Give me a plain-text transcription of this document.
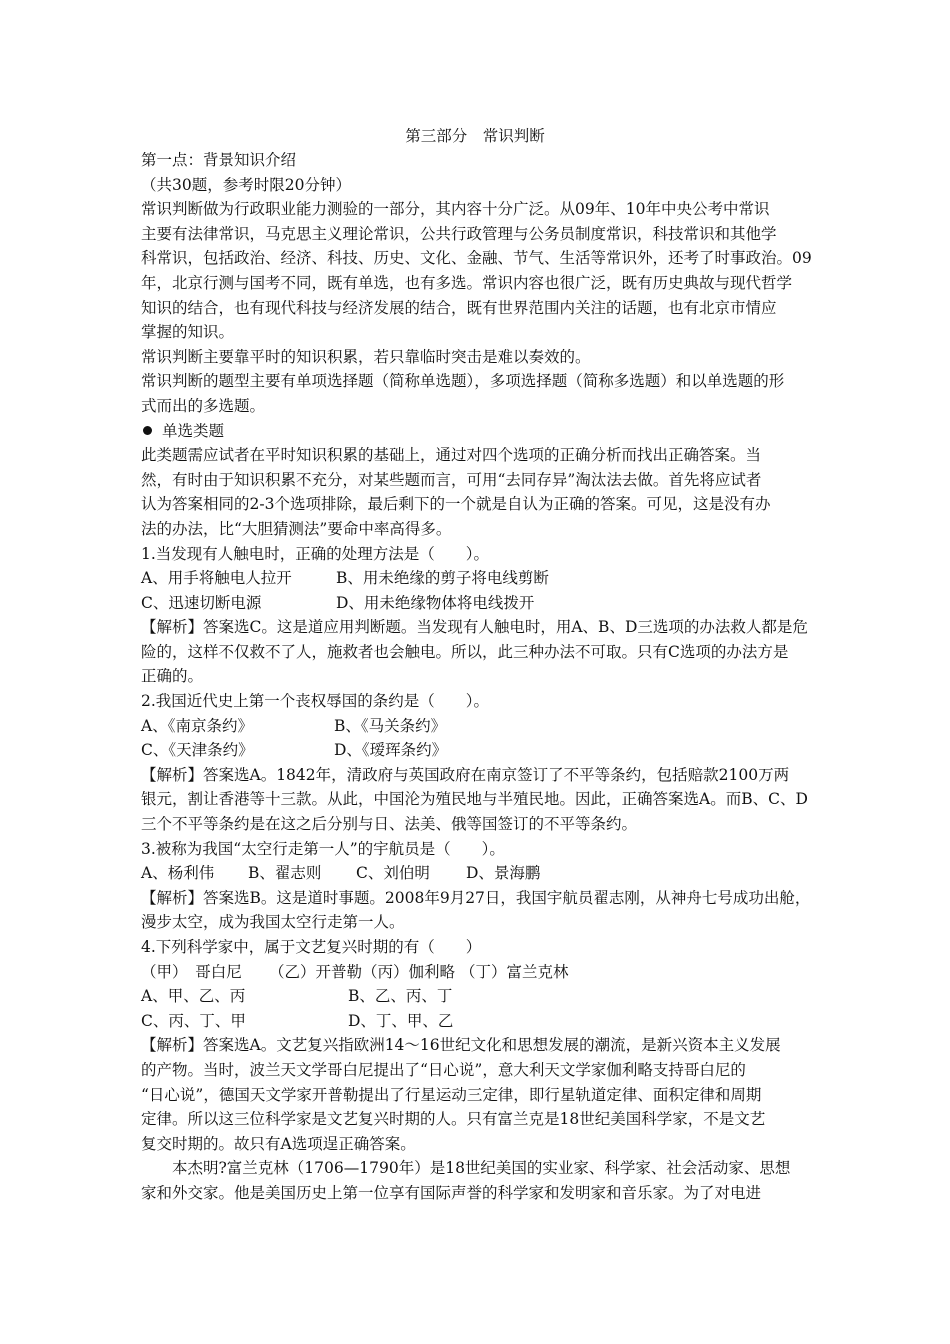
第三部分　常识判断
第一点：背景知识介绍
（共30题，参考时限20分钟）
常识判断做为行政职业能力测验的一部分，其内容十分广泛。从09年、10年中央公考中常识
主要有法律常识，马克思主义理论常识，公共行政管理与公务员制度常识，科技常识和其他学
科常识，包括政治、经济、科技、历史、文化、金融、节气、生活等常识外，还考了时事政治。09
年，北京行测与国考不同，既有单选，也有多选。常识内容也很广泛，既有历史典故与现代哲学
知识的结合，也有现代科技与经济发展的结合，既有世界范围内关注的话题，也有北京市情应
掌握的知识。
常识判断主要靠平时的知识积累，若只靠临时突击是难以奏效的。
常识判断的题型主要有单项选择题（简称单选题），多项选择题（简称多选题）和以单选题的形
式而出的多选题。
单选类题
此类题需应试者在平时知识积累的基础上，通过对四个选项的正确分析而找出正确答案。当
然，有时由于知识积累不充分，对某些题而言，可用“去同存异”淘汰法去做。首先将应试者
认为答案相同的2-3个选项排除，最后剩下的一个就是自认为正确的答案。可见，这是没有办
法的办法，比“大胆猜测法”要命中率高得多。
1.当发现有人触电时，正确的处理方法是（　　）。
A、用手将触电人拉开	B、用未绝缘的剪子将电线剪断
C、迅速切断电源	D、用未绝缘物体将电线拨开
【解析】答案选C。这是道应用判断题。当发现有人触电时，用A、B、D三选项的办法救人都是危
险的，这样不仅救不了人，施救者也会触电。所以，此三种办法不可取。只有C选项的办法方是
正确的。
2.我国近代史上第一个丧权辱国的条约是（　　）。
A、《南京条约》	B、《马关条约》
C、《天津条约》	D、《瑷珲条约》
【解析】答案选A。1842年，清政府与英国政府在南京签订了不平等条约，包括赔款2100万两
银元，割让香港等十三款。从此，中国沦为殖民地与半殖民地。因此，正确答案选A。而B、C、D
三个不平等条约是在这之后分别与日、法美、俄等国签订的不平等条约。
3.被称为我国“太空行走第一人”的宇航员是（　　）。
A、杨利伟	B、翟志则	C、刘伯明	D、景海鹏
【解析】答案选B。这是道时事题。2008年9月27日，我国宇航员翟志刚，从神舟七号成功出舱，
漫步太空，成为我国太空行走第一人。
4.下列科学家中，属于文艺复兴时期的有（　　）
（甲）　哥白尼	（乙）开普勒 （丙）伽利略 （丁）富兰克林
A、甲、乙、丙	B、乙、丙、丁
C、丙、丁、甲	D、丁、甲、乙
【解析】答案选A。文艺复兴指欧洲14～16世纪文化和思想发展的潮流，是新兴资本主义发展
的产物。当时，波兰天文学哥白尼提出了“日心说”，意大利天文学家伽利略支持哥白尼的
“日心说”，德国天文学家开普勒提出了行星运动三定律，即行星轨道定律、面积定律和周期
定律。所以这三位科学家是文艺复兴时期的人。只有富兰克是18世纪美国科学家，不是文艺
复交时期的。故只有A选项逞正确答案。
本杰明?富兰克林（1706—1790年）是18世纪美国的实业家、科学家、社会活动家、思想
家和外交家。他是美国历史上第一位享有国际声誉的科学家和发明家和音乐家。为了对电进
